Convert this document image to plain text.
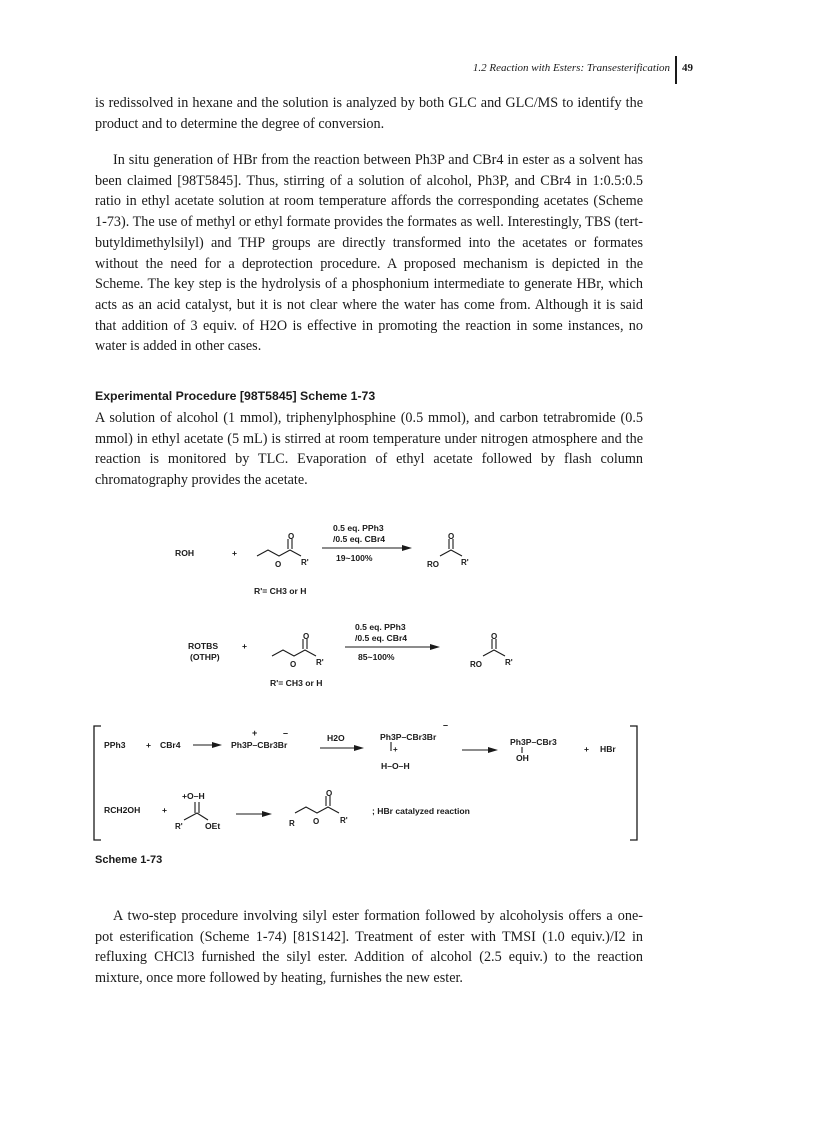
1.2 Reaction with Esters: Transesterification 49

is redissolved in hexane and the solution is analyzed by both GLC and GLC/MS to identify the product and to determine the degree of conversion.

In situ generation of HBr from the reaction between Ph3P and CBr4 in ester as a solvent has been claimed [98T5845]. Thus, stirring of a solution of alcohol, Ph3P, and CBr4 in 1:0.5:0.5 ratio in ethyl acetate solution at room temperature affords the corresponding acetates (Scheme 1-73). The use of methyl or ethyl formate provides the formates as well. Interestingly, TBS (tert-butyldimethylsilyl) and THP groups are directly transformed into the acetates or formates without the need for a deprotection procedure. A proposed mechanism is depicted in the Scheme. The key step is the hydrolysis of a phosphonium intermediate to generate HBr, which acts as an acid catalyst, but it is not clear where the water has come from. Although it is said that addition of 3 equiv. of H2O is effective in promoting the reaction in some instances, no water is added in other cases.

Experimental Procedure [98T5845] Scheme 1-73

A solution of alcohol (1 mmol), triphenylphosphine (0.5 mmol), and carbon tetrabromide (0.5 mmol) in ethyl acetate (5 mL) is stirred at room temperature under nitrogen atmosphere and the reaction is monitored by TLC. Evaporation of ethyl acetate followed by flash column chromatography provides the acetate.

ROH	+
O
O R'
0.5 eq. PPh3
/0.5 eq. CBr4
19~100%
O
RO	R'
R'= CH3 or H
ROTBS
(OTHP)
+
O
O R'
0.5 eq. PPh3
/0.5 eq. CBr4
85~100%
O
RO	R'
R'= CH3 or H
PPh3 + CBr4
+	–
Ph3P–CBr3Br
H2O
–
Ph3P–CBr3Br
+
H–O–H
Ph3P–CBr3
OH
+ HBr
RCH2OH	+
+O–H
R'	OEt
O
R O	R'
; HBr catalyzed reaction
Scheme 1-73

A two-step procedure involving silyl ester formation followed by alcoholysis offers a one-pot esterification (Scheme 1-74) [81S142]. Treatment of ester with TMSI (1.0 equiv.)/I2 in refluxing CHCl3 furnished the silyl ester. Addition of alcohol (2.5 equiv.) to the reaction mixture, once more followed by heating, furnishes the new ester.
